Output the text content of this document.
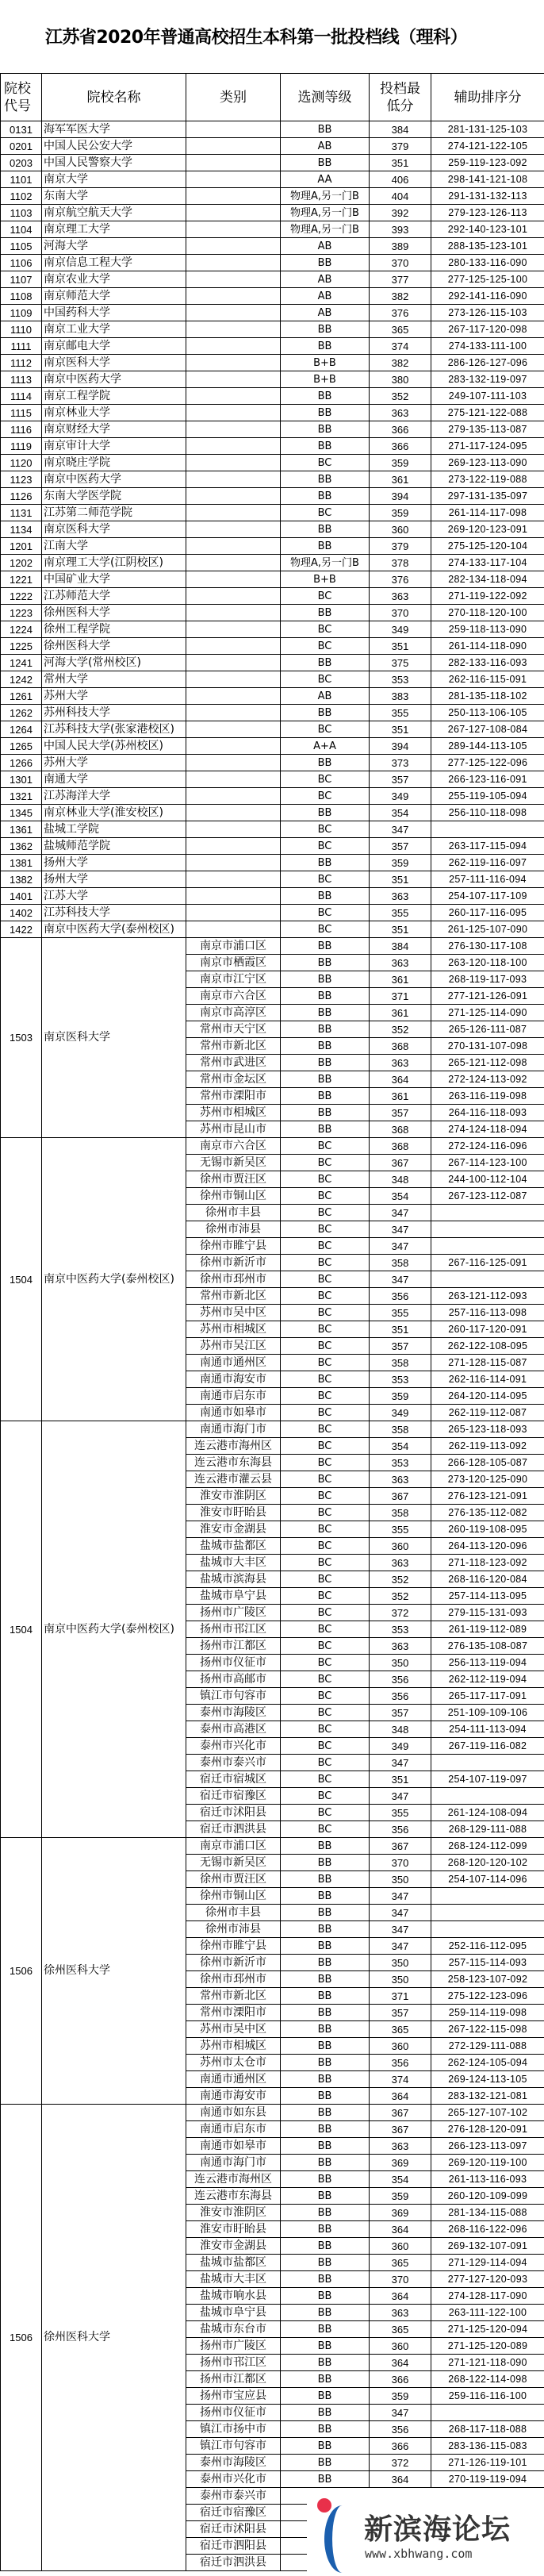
江苏省2020年普通高校招生本科第一批投档线（理科）
院校代号	院校名称	类别	选测等级	投档最低分	辅助排序分
0131	海军军医大学		BB	384	281-131-125-103
0201	中国人民公安大学		AB	379	274-121-122-105
0203	中国人民警察大学		BB	351	259-119-123-092
1101	南京大学		AA	406	298-141-121-108
1102	东南大学		物理A,另一门B	404	291-131-132-113
1103	南京航空航天大学		物理A,另一门B	392	279-123-126-113
1104	南京理工大学		物理A,另一门B	393	292-140-123-101
1105	河海大学		AB	389	288-135-123-101
1106	南京信息工程大学		BB	370	280-133-116-090
1107	南京农业大学		AB	377	277-125-125-100
1108	南京师范大学		AB	382	292-141-116-090
1109	中国药科大学		AB	376	273-126-115-103
1110	南京工业大学		BB	365	267-117-120-098
1111	南京邮电大学		BB	374	274-133-111-100
1112	南京医科大学		B+B	382	286-126-127-096
1113	南京中医药大学		B+B	380	283-132-119-097
1114	南京工程学院		BB	352	249-107-111-103
1115	南京林业大学		BB	363	275-121-122-088
1116	南京财经大学		BB	366	279-135-113-087
1119	南京审计大学		BB	366	271-117-124-095
1120	南京晓庄学院		BC	359	269-123-113-090
1123	南京中医药大学		BB	361	273-122-119-088
1126	东南大学医学院		BB	394	297-131-135-097
1131	江苏第二师范学院		BC	359	261-114-117-098
1134	南京医科大学		BB	360	269-120-123-091
1201	江南大学		BB	379	275-125-120-104
1202	南京理工大学(江阴校区)		物理A,另一门B	378	274-133-117-104
1221	中国矿业大学		B+B	376	282-134-118-094
1222	江苏师范大学		BC	363	271-119-122-092
1223	徐州医科大学		BB	370	270-118-120-100
1224	徐州工程学院		BC	349	259-118-113-090
1225	徐州医科大学		BC	351	261-114-118-090
1241	河海大学(常州校区)		BB	375	282-133-116-093
1242	常州大学		BC	353	262-116-115-091
1261	苏州大学		AB	383	281-135-118-102
1262	苏州科技大学		BB	355	250-113-106-105
1264	江苏科技大学(张家港校区)		BC	351	267-127-108-084
1265	中国人民大学(苏州校区)		A+A	394	289-144-113-105
1266	苏州大学		BB	373	277-125-122-096
1301	南通大学		BC	357	266-123-116-091
1321	江苏海洋大学		BC	349	255-119-105-094
1345	南京林业大学(淮安校区)		BB	354	256-110-118-098
1361	盐城工学院		BC	347	
1362	盐城师范学院		BC	357	263-117-115-094
1381	扬州大学		BB	359	262-119-116-097
1382	扬州大学		BC	351	257-111-116-094
1401	江苏大学		BB	363	254-107-117-109
1402	江苏科技大学		BC	355	260-117-116-095
1422	南京中医药大学(泰州校区)		BC	351	261-125-107-090
1503	南京医科大学	南京市浦口区	BB	384	276-130-117-108
		南京市栖霞区	BB	363	263-120-118-100
		南京市江宁区	BB	361	268-119-117-093
		南京市六合区	BB	371	277-121-126-091
		南京市高淳区	BB	361	271-125-114-090
		常州市天宁区	BB	352	265-126-111-087
		常州市新北区	BB	368	270-131-107-098
		常州市武进区	BB	363	265-121-112-098
		常州市金坛区	BB	364	272-124-113-092
		常州市溧阳市	BB	361	263-116-119-098
		苏州市相城区	BB	357	264-116-118-093
		苏州市昆山市	BB	368	274-124-118-094
1504	南京中医药大学(泰州校区)	南京市六合区	BC	368	272-124-116-096
		无锡市新吴区	BC	367	267-114-123-100
		徐州市贾汪区	BC	348	244-100-112-104
		徐州市铜山区	BC	354	267-123-112-087
		徐州市丰县	BC	347	
		徐州市沛县	BC	347	
		徐州市睢宁县	BC	347	
		徐州市新沂市	BC	358	267-116-125-091
		徐州市邳州市	BC	347	
		常州市新北区	BC	356	263-121-112-093
		苏州市吴中区	BC	355	257-116-113-098
		苏州市相城区	BC	351	260-117-120-091
		苏州市吴江区	BC	357	262-122-108-095
		南通市通州区	BC	358	271-128-115-087
		南通市海安市	BC	353	262-116-114-091
		南通市启东市	BC	359	264-120-114-095
		南通市如皋市	BC	349	262-119-112-087
1504	南京中医药大学(泰州校区)	南通市海门市	BC	358	265-123-118-093
		连云港市海州区	BC	354	262-119-113-092
		连云港市东海县	BC	353	266-128-105-087
		连云港市灌云县	BC	363	273-120-125-090
		淮安市淮阴区	BC	367	276-123-121-091
		淮安市盱眙县	BC	358	276-135-112-082
		淮安市金湖县	BC	355	260-119-108-095
		盐城市盐都区	BC	360	264-113-120-096
		盐城市大丰区	BC	363	271-118-123-092
		盐城市滨海县	BC	352	268-116-120-084
		盐城市阜宁县	BC	352	257-114-113-095
		扬州市广陵区	BC	372	279-115-131-093
		扬州市邗江区	BC	353	261-119-112-089
		扬州市江都区	BC	363	276-135-108-087
		扬州市仪征市	BC	350	256-113-119-094
		扬州市高邮市	BC	356	262-112-119-094
		镇江市句容市	BC	356	265-117-117-091
		泰州市海陵区	BC	357	251-109-109-106
		泰州市高港区	BC	348	254-111-113-094
		泰州市兴化市	BC	349	267-119-116-082
		泰州市泰兴市	BC	347	
		宿迁市宿城区	BC	351	254-107-119-097
		宿迁市宿豫区	BC	347	
		宿迁市沭阳县	BC	355	261-124-108-094
		宿迁市泗洪县	BC	356	268-129-111-088
1506	徐州医科大学	南京市浦口区	BB	367	268-124-112-099
		无锡市新吴区	BB	370	268-120-120-102
		徐州市贾汪区	BB	350	254-107-114-096
		徐州市铜山区	BB	347	
		徐州市丰县	BB	347	
		徐州市沛县	BB	347	
		徐州市睢宁县	BB	347	252-116-112-095
		徐州市新沂市	BB	350	257-115-114-093
		徐州市邳州市	BB	350	258-123-107-092
		常州市新北区	BB	371	275-122-123-096
		常州市溧阳市	BB	357	259-114-119-098
		苏州市吴中区	BB	365	267-122-115-098
		苏州市相城区	BB	360	272-129-111-088
		苏州市太仓市	BB	356	262-124-105-094
		南通市通州区	BB	374	269-124-113-105
		南通市海安市	BB	364	283-132-121-081
1506	徐州医科大学	南通市如东县	BB	367	265-127-107-102
		南通市启东市	BB	367	276-128-120-091
		南通市如皋市	BB	363	266-123-113-097
		南通市海门市	BB	369	269-120-119-100
		连云港市海州区	BB	354	261-113-116-093
		连云港市东海县	BB	359	260-120-109-099
		淮安市淮阴区	BB	369	281-134-115-088
		淮安市盱眙县	BB	364	268-116-122-096
		淮安市金湖县	BB	360	269-132-107-091
		盐城市盐都区	BB	365	271-129-114-094
		盐城市大丰区	BB	370	277-127-120-093
		盐城市响水县	BB	364	274-128-117-090
		盐城市阜宁县	BB	363	263-111-122-100
		盐城市东台市	BB	365	271-125-120-094
		扬州市广陵区	BB	360	271-125-120-089
		扬州市邗江区	BB	364	271-121-118-090
		扬州市江都区	BB	366	268-122-114-098
		扬州市宝应县	BB	359	259-116-116-100
		扬州市仪征市	BB	347	
		镇江市扬中市	BB	356	268-117-118-088
		镇江市句容市	BB	366	283-136-115-083
		泰州市海陵区	BB	372	271-126-119-101
		泰州市兴化市	BB	364	270-119-119-094
		泰州市泰兴市			
		宿迁市宿豫区			
		宿迁市沭阳县			
		宿迁市泗阳县			
		宿迁市泗洪县			
新滨海论坛
www.xbhwang.com
